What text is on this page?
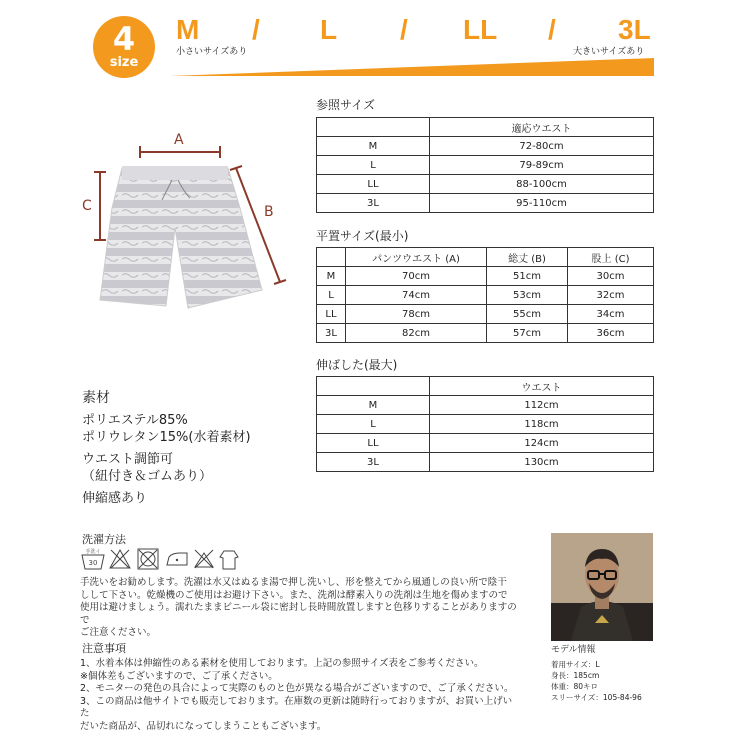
4
size
M / L / LL / 3L
小さいサイズあり	大きいサイズあり
A
B
C
参照サイズ
	適応ウエスト
M	72-80cm
L	79-89cm
LL	88-100cm
3L	95-110cm
平置サイズ(最小)
	パンツウエスト (A)	総丈 (B)	股上 (C)
M	70cm	51cm	30cm
L	74cm	53cm	32cm
LL	78cm	55cm	34cm
3L	82cm	57cm	36cm
伸ばした(最大)
	ウエスト
M	112cm
L	118cm
LL	124cm
3L	130cm
素材
ポリエステル85%
ポリウレタン15%(水着素材)
ウエスト調節可
（紐付き＆ゴムあり）
伸縮感あり
洗濯方法
手洗イ
30
手洗いをお勧めします。洗濯は水又はぬるま湯で押し洗いし、形を整えてから風通しの良い所で陰干
しして下さい。乾燥機のご使用はお避け下さい。また、洗剤は酵素入りの洗剤は生地を傷めますので
使用は避けましょう。濡れたままビニール袋に密封し長時間放置しますと色移りすることがありますので
ご注意ください。
注意事項
1、水着本体は伸縮性のある素材を使用しております。上記の参照サイズ表をご参考ください。
※個体差もございますので、ご了承ください。
2、モニターの発色の具合によって実際のものと色が異なる場合がございますので、ご了承ください。
3、この商品は他サイトでも販売しております。在庫数の更新は随時行っておりますが、お買い上げいた
だいた商品が、品切れになってしまうこともございます。
モデル情報
着用サイズ：L
身長：185cm
体重：80キロ
スリーサイズ：105-84-96
